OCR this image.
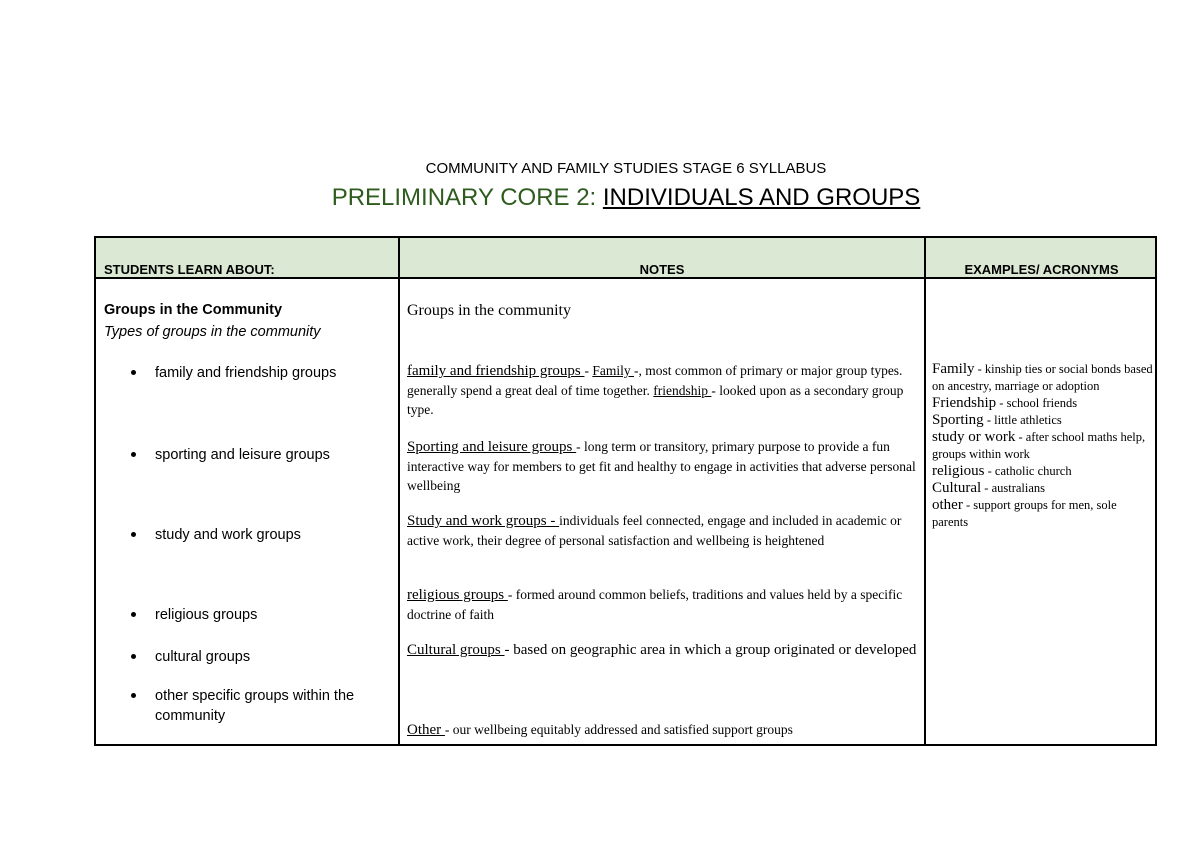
COMMUNITY AND FAMILY STUDIES STAGE 6 SYLLABUS
PRELIMINARY CORE 2: INDIVIDUALS AND GROUPS
STUDENTS LEARN ABOUT:	NOTES	EXAMPLES/ ACRONYMS
Groups in the Community
Types of groups in the community
family and friendship groups
sporting and leisure groups
study and work groups
religious groups
cultural groups
other specific groups within the community
Groups in the community
family and friendship groups - Family -, most common of primary or major group types. generally spend a great deal of time together. friendship - looked upon as a secondary group type.
Sporting and leisure groups - long term or transitory, primary purpose to provide a fun interactive way for members to get fit and healthy to engage in activities that adverse personal wellbeing
Study and work groups - individuals feel connected, engage and included in academic or active work, their degree of personal satisfaction and wellbeing is heightened
religious groups - formed around common beliefs, traditions and values held by a specific doctrine of faith
Cultural groups - based on geographic area in which a group originated or developed
Other - our wellbeing equitably addressed and satisfied support groups
Family - kinship ties or social bonds based on ancestry, marriage or adoption
Friendship - school friends
Sporting - little athletics
study or work - after school maths help, groups within work
religious - catholic church
Cultural - australians
other - support groups for men, sole parents
